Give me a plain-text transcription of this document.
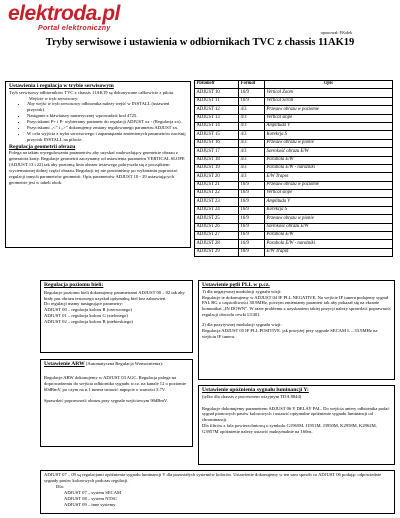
elektroda.pl
Portal elektroniczny
opracował: P.Kołek
Tryby serwisowe i ustawienia w odbiornikach TVC z chassis 11AK19
Ustawienia i regulacja w trybie serwisowym

Tryb serwisowy odbiorników TVC z chassis 11AK19 są dokonywane całkowicie z pilota.

Wejście w tryb serwisowy:

• Aby wejść w tryb serwisowy odbiornika należy wejść w INSTALL (ustawień przycisk).
• Następnie z klawiatury numerycznej wprowadzić kod 4725.
• Przyciskami P+ i P- wybieramy parametr do regulacji ADJUST xx - (Regulacja xx).
• Przyciskami „<” i „>” dokonujemy zmiany regulowanego parametru ADJUST xx.
• W celu wyjścia z trybu serwisowego i zapamiętania zmienionych parametrów naciśnij przycisk INSTALL na pilocie.
Regulacja geometrii obrazu

Polega na takim wyregulowaniu parametrów aby uzyskać nadowalający geometrie obrazu z generatora kraty. Regulacje geometrii zaczynamy od ustawienia parametru VERTICAL SLOPE (ADJUST 13 i 22) tak aby poziomą linia obrazu testowego pokrywała się z początkiem wyciemnionej dolnej części obrazu. Regulacji tej nie powinniśmy po wykonaniu poprawiać regulacji innych parametrów geometrii. Opis parametrów ADJUST 10 - 29 ustawiających geometrie jest w tabeli obok.

Parametr	Format	Opis
ADJUST 10	16/9	Vertical Zoom
ADJUST 11	16/9	Vertical Scroll
ADJUST 12	4/3	Przesuw obrazu w poziomie
ADJUST 13	4/3	Vertical slope
ADJUST 14	4/3	Amplituda V
ADJUST 15	4/3	Korekcja S
ADJUST 16	4/3	Przesuw obrazu w pionie
ADJUST 17	4/3	Szerokość obrazu E/W
ADJUST 18	4/3	Parabola E/W
ADJUST 19	4/3	Parabola E/W - narożniki
ADJUST 20	4/3	E/W Trapez
ADJUST 21	16/9	Przesuw obrazu w poziomie
ADJUST 22	16/9	Vertical slope
ADJUST 23	16/9	Amplituda V
ADJUST 24	16/9	Korekcja S
ADJUST 25	16/9	Przesuw obrazu w pionie
ADJUST 26	16/9	Szerokość obrazu E/W
ADJUST 27	16/9	Parabola E/W
ADJUST 28	16/9	Parabola E/W - narożniki
ADJUST 29	16/9	E/W Trapez
Regulacja poziomu bieli:

Regulacje poziomu bieli dokonujemy parametrami ADJUST 00 – 02 tak aby biały pas obrazu testowego uzyskał optymalną biel bez zabarwień.

Do regulacji mamy następujące parametry:

ADJUST 00 – regulacja koloru R (czerwonego)

ADJUST 01 – regulacja koloru G (zielonego)

ADJUST 02 – regulacja koloru B (niebieskiego)

Ustawienie pętli PLL w p.cz.

1) dla negatywnej modulacji sygnału wizji:

Regulacje te dokonujemy w ADJUST 04 IF PLL NEGATIVE. Na wejście IF tunera podajemy sygnał PAL BG o częstotliwości 38.9MHz, poczym zmieniamy parametr tak aby pokazał się na ekranie komunikat „IN DOWN”. W razie problemu z uzyskaniem takiej pozycji należy sprawdzić poprawność regulacji obwodu cewki LT401.

2) dla pozytywnej modulacji sygnału wizji:

Regulacja ADJUST 05 IF PLL POSITIVE. jak powyżej przy sygnale SECAM L – 33.9MHz na wejściu IF tunera.

Ustawienie ARW (Automatyczna Regulacja Wzmocnienia):

Regulacje ARW dokonujemy w ADJUST 03 AGC. Regulacja polega na doprowadzeniu do wejścia odbiornika sygnału w.cz. na kanale 12 o poziomie 60dBmV, po czym na n.1 tunera ustawić napięcie o wartości 3.7V.

Sprawdzić poprawność obrazu przy sygnale wejściowym 90dBmV.

Ustawienie opóźnienia sygnału luminancji Y:

(tylko dla chassis z procesorem wizyjnym TDA 8844)

Regulacje dokonujemy parametrem ADJUST 06 Y DELAY PAL. Do wejścia antery odbiornika podać sygnał pionowych pasów kolorowych i ustawić optymalne opóźnienie sygnału luminancji od chrominancji.

Dla filtrów z fala powierzchniową o symbolu G1965M, J1951M, J3950M, K2958M, K2962M, G3957M opóźnienie należy ustawić maksymalnie na 160ns.

ADJUST 07 – 09 są regulacjami opóźnienia sygnału luminancji Y dla pozostałych systemów kolorów. Ustawienie dokonujemy w ten sam sposób co ADJUST 06 podając odpowiednie sygnały pasów kolorowych podczas regulacji.

Dla:

ADJUST 07 – system SECAM

ADJUST 08 – system NTSC

ADJUST 09 – inne systemy
